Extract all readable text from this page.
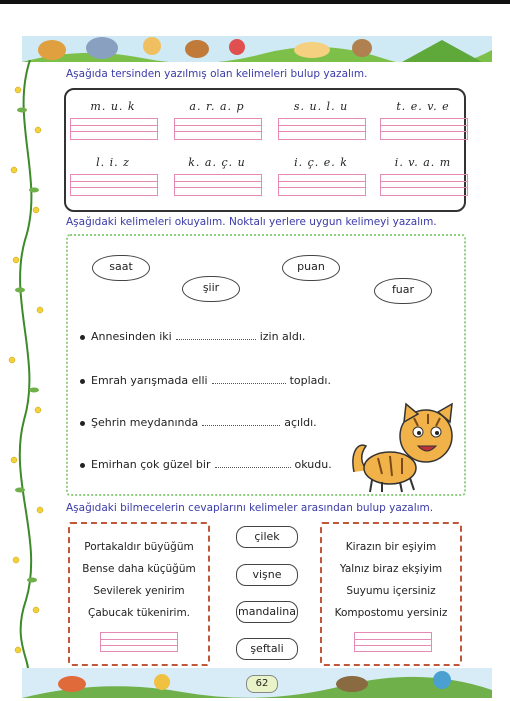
Aşağıda tersinden yazılmış olan kelimeleri bulup yazalım.
m. u. k	a. r. a. p	s. u. l. u	t. e. v. e
l. i. z	k. a. ç. u	i. ç. e. k	i. v. a. m
Aşağıdaki kelimeleri okuyalım. Noktalı yerlere uygun kelimeyi yazalım.
saat	puan
şiir	fuar
Annesinden iki	izin aldı.
Emrah yarışmada elli	topladı.
Şehrin meydanında	açıldı.
Emirhan çok güzel bir	okudu.
Aşağıdaki bilmecelerin cevaplarını kelimeler arasından bulup yazalım.
Portakaldır büyüğüm
Bense daha küçüğüm
Sevilerek yenirim
Çabucak tükenirim.
çilek
vişne
mandalina
şeftali
Kirazın bir eşiyim
Yalnız biraz ekşiyim
Suyumu içersiniz
Kompostomu yersiniz
62
